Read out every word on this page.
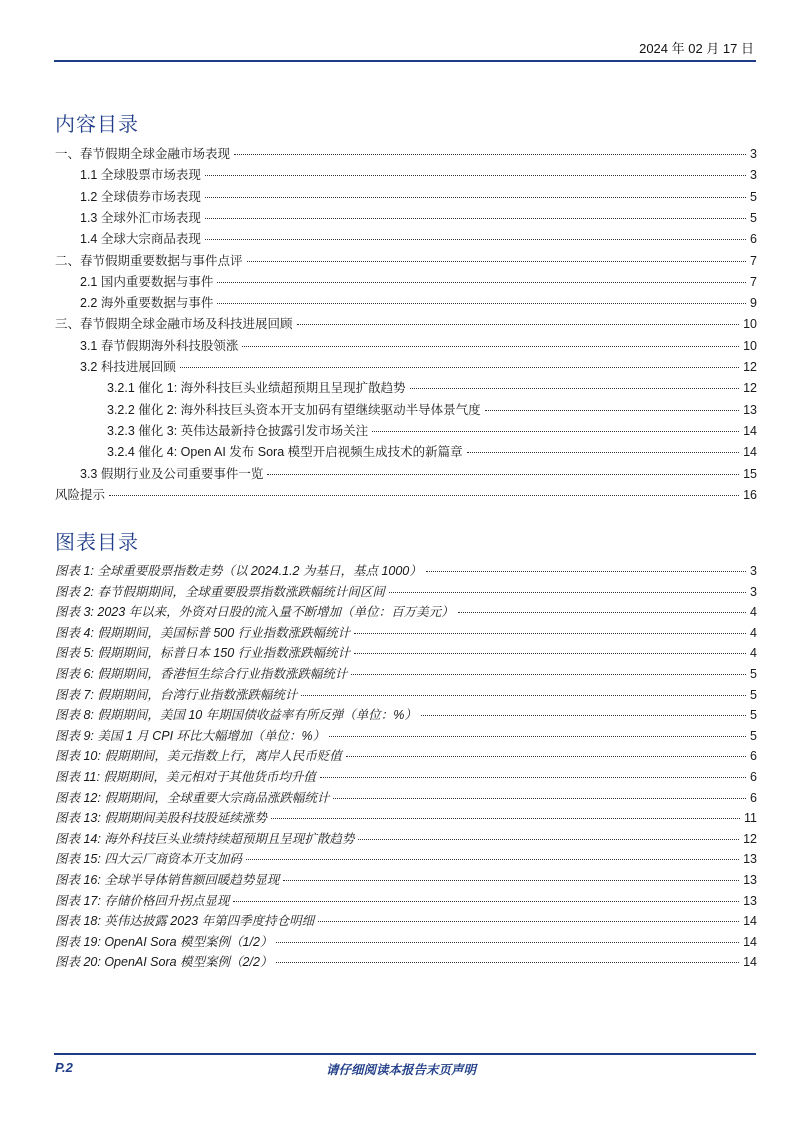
2024 年 02 月 17 日
内容目录
一、春节假期全球金融市场表现	3
1.1 全球股票市场表现	3
1.2 全球债券市场表现	5
1.3 全球外汇市场表现	5
1.4 全球大宗商品表现	6
二、春节假期重要数据与事件点评	7
2.1 国内重要数据与事件	7
2.2 海外重要数据与事件	9
三、春节假期全球金融市场及科技进展回顾	10
3.1 春节假期海外科技股领涨	10
3.2 科技进展回顾	12
3.2.1 催化 1: 海外科技巨头业绩超预期且呈现扩散趋势	12
3.2.2 催化 2: 海外科技巨头资本开支加码有望继续驱动半导体景气度	13
3.2.3 催化 3: 英伟达最新持仓披露引发市场关注	14
3.2.4 催化 4: Open AI 发布 Sora 模型开启视频生成技术的新篇章	14
3.3 假期行业及公司重要事件一览	15
风险提示	16
图表目录
图表 1: 全球重要股票指数走势（以 2024.1.2 为基日，基点 1000）	3
图表 2: 春节假期期间，全球重要股票指数涨跌幅统计间区间	3
图表 3: 2023 年以来，外资对日股的流入量不断增加（单位：百万美元）	4
图表 4: 假期期间，美国标普 500 行业指数涨跌幅统计	4
图表 5: 假期期间，标普日本 150 行业指数涨跌幅统计	4
图表 6: 假期期间，香港恒生综合行业指数涨跌幅统计	5
图表 7: 假期期间，台湾行业指数涨跌幅统计	5
图表 8: 假期期间，美国 10 年期国债收益率有所反弹（单位：%）	5
图表 9: 美国 1 月 CPI 环比大幅增加（单位：%）	5
图表 10: 假期期间，美元指数上行，离岸人民币贬值	6
图表 11: 假期期间，美元相对于其他货币均升值	6
图表 12: 假期期间，全球重要大宗商品涨跌幅统计	6
图表 13: 假期期间美股科技股延续涨势	11
图表 14: 海外科技巨头业绩持续超预期且呈现扩散趋势	12
图表 15: 四大云厂商资本开支加码	13
图表 16: 全球半导体销售额回暖趋势显现	13
图表 17: 存储价格回升拐点显现	13
图表 18: 英伟达披露 2023 年第四季度持仓明细	14
图表 19: OpenAI Sora 模型案例（1/2）	14
图表 20: OpenAI Sora 模型案例（2/2）	14
P.2	请仔细阅读本报告末页声明
